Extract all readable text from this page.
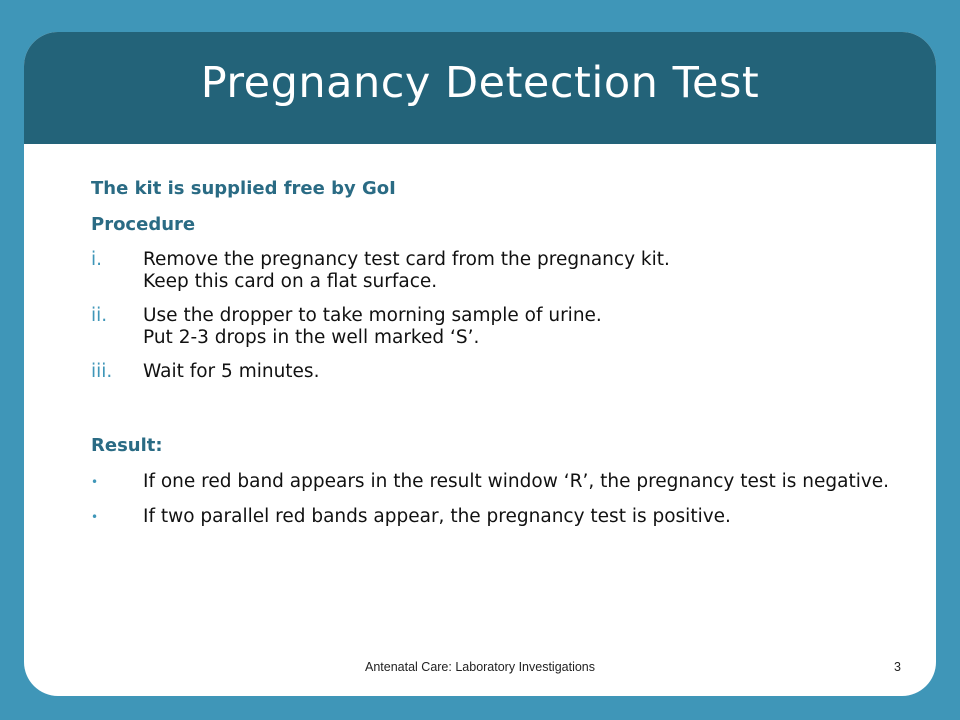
Pregnancy Detection Test

The kit is supplied free by GoI

Procedure

i. Remove the pregnancy test card from the pregnancy kit.
Keep this card on a flat surface.
ii. Use the dropper to take morning sample of urine.
Put 2-3 drops in the well marked ‘S’.
iii. Wait for 5 minutes.

Result:

• If one red band appears in the result window ‘R’, the pregnancy test is negative.
• If two parallel red bands appear, the pregnancy test is positive.
Antenatal Care: Laboratory Investigations	3
